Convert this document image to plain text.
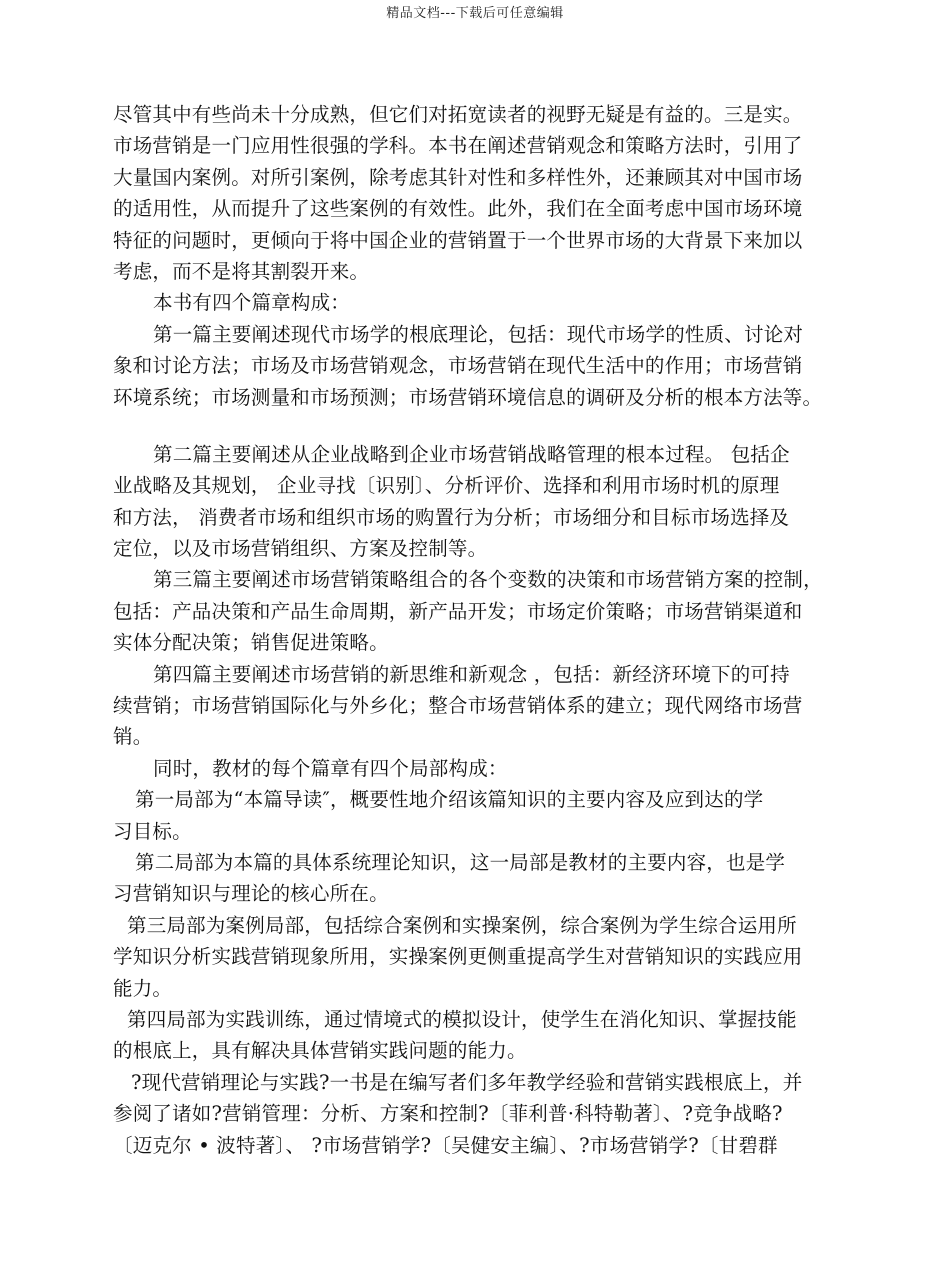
精品文档---下载后可任意编辑
尽管其中有些尚未十分成熟，但它们对拓宽读者的视野无疑是有益的。三是实。
市场营销是一门应用性很强的学科。本书在阐述营销观念和策略方法时，引用了
大量国内案例。对所引案例，除考虑其针对性和多样性外，还兼顾其对中国市场
的适用性，从而提升了这些案例的有效性。此外，我们在全面考虑中国市场环境
特征的问题时，更倾向于将中国企业的营销置于一个世界市场的大背景下来加以
考虑，而不是将其割裂开来。
本书有四个篇章构成：
第一篇主要阐述现代市场学的根底理论，包括：现代市场学的性质、讨论对
象和讨论方法；市场及市场营销观念，市场营销在现代生活中的作用；市场营销
环境系统；市场测量和市场预测；市场营销环境信息的调研及分析的根本方法等。
第二篇主要阐述从企业战略到企业市场营销战略管理的根本过程。 包括企
业战略及其规划， 企业寻找〔识别〕、分析评价、选择和利用市场时机的原理
和方法， 消费者市场和组织市场的购置行为分析；市场细分和目标市场选择及
定位，以及市场营销组织、方案及控制等。
第三篇主要阐述市场营销策略组合的各个变数的决策和市场营销方案的控制，
包括：产品决策和产品生命周期，新产品开发；市场定价策略；市场营销渠道和
实体分配决策；销售促进策略。
第四篇主要阐述市场营销的新思维和新观念 ，包括：新经济环境下的可持
续营销；市场营销国际化与外乡化；整合市场营销体系的建立；现代网络市场营
销。
同时，教材的每个篇章有四个局部构成：
第一局部为“本篇导读″，概要性地介绍该篇知识的主要内容及应到达的学
习目标。
第二局部为本篇的具体系统理论知识，这一局部是教材的主要内容，也是学
习营销知识与理论的核心所在。
第三局部为案例局部，包括综合案例和实操案例，综合案例为学生综合运用所
学知识分析实践营销现象所用，实操案例更侧重提高学生对营销知识的实践应用
能力。
第四局部为实践训练，通过情境式的模拟设计，使学生在消化知识、掌握技能
的根底上，具有解决具体营销实践问题的能力。
?现代营销理论与实践?一书是在编写者们多年教学经验和营销实践根底上，并
参阅了诸如?营销管理：分析、方案和控制?〔菲利普·科特勒著〕、?竞争战略?
〔迈克尔 • 波特著〕、 ?市场营销学?〔吴健安主编〕、?市场营销学?〔甘碧群
